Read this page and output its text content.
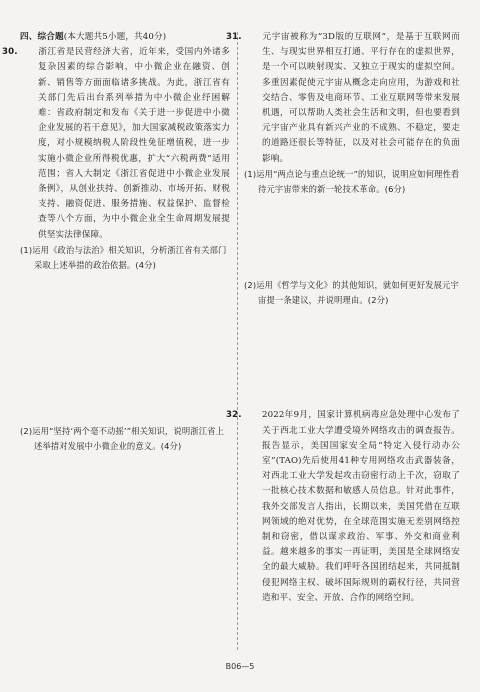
四、综合题(本大题共5小题，共40分)

30. 浙江省是民营经济大省，近年来，受国内外诸多复杂因素的综合影响，中小微企业在融资、创新、销售等方面面临诸多挑战。为此，浙江省有关部门先后出台系列举措为中小微企业纾困解难：省政府制定和发布《关于进一步促进中小微企业发展的若干意见》，加大国家减税政策落实力度，对小规模纳税人阶段性免征增值税，进一步实施小微企业所得税优惠，扩大“六税两费”适用范围；省人大制定《浙江省促进中小微企业发展条例》，从创业扶持、创新推动、市场开拓、财税支持、融资促进、服务措施、权益保护、监督检查等八个方面，为中小微企业全生命周期发展提供坚实法律保障。

(1)运用《政治与法治》相关知识，分析浙江省有关部门采取上述举措的政治依据。(4分)

(2)运用“坚持‘两个毫不动摇’”相关知识，说明浙江省上述举措对发展中小微企业的意义。(4分)

31. 元宇宙被称为“3D版的互联网”，是基于互联网而生、与现实世界相互打通、平行存在的虚拟世界，是一个可以映射现实、又独立于现实的虚拟空间。多重因素促使元宇宙从概念走向应用，为游戏和社交结合、零售及电商环节、工业互联网等带来发展机遇，可以帮助人类社会生活和文明，但也要看到元宇宙产业具有新兴产业的不成熟、不稳定，要走的道路还很长等特征，以及对社会可能存在的负面影响。

(1)运用“两点论与重点论统一”的知识，说明应如何理性看待元宇宙带来的新一轮技术革命。(6分)

(2)运用《哲学与文化》的其他知识，就如何更好发展元宇宙提一条建议，并说明理由。(2分)

32. 2022年9月，国家计算机病毒应急处理中心发布了关于西北工业大学遭受境外网络攻击的调查报告。报告显示，美国国家安全局“特定入侵行动办公室”(TAO)先后使用41种专用网络攻击武器装备，对西北工业大学发起攻击窃密行动上千次，窃取了一批核心技术数据和敏感人员信息。针对此事件，我外交部发言人指出，长期以来，美国凭借在互联网领域的绝对优势，在全球范围实施无差别网络控制和窃密，借以谋求政治、军事、外交和商业利益。越来越多的事实一再证明，美国是全球网络安全的最大威胁。我们呼吁各国团结起来，共同抵制侵犯网络主权、破坏国际规则的霸权行径，共同营造和平、安全、开放、合作的网络空间。

B06—5
